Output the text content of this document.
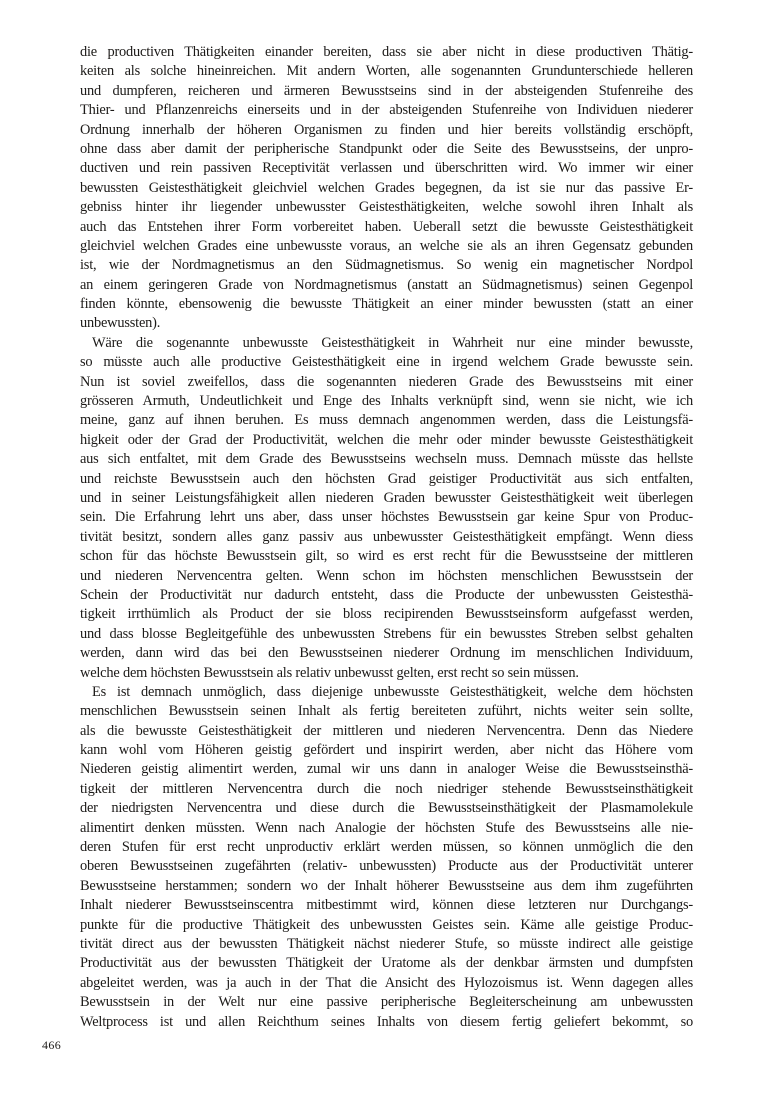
die productiven Thätigkeiten einander bereiten, dass sie aber nicht in diese productiven Thätig-
keiten als solche hineinreichen. Mit andern Worten, alle sogenannten Grundunterschiede helleren
und dumpferen, reicheren und ärmeren Bewusstseins sind in der absteigenden Stufenreihe des
Thier- und Pflanzenreichs einerseits und in der absteigenden Stufenreihe von Individuen niederer
Ordnung innerhalb der höheren Organismen zu finden und hier bereits vollständig erschöpft,
ohne dass aber damit der peripherische Standpunkt oder die Seite des Bewusstseins, der unpro-
ductiven und rein passiven Receptivität verlassen und überschritten wird. Wo immer wir einer
bewussten Geistesthätigkeit gleichviel welchen Grades begegnen, da ist sie nur das passive Er-
gebniss hinter ihr liegender unbewusster Geistesthätigkeiten, welche sowohl ihren Inhalt als
auch das Entstehen ihrer Form vorbereitet haben. Ueberall setzt die bewusste Geistesthätigkeit
gleichviel welchen Grades eine unbewusste voraus, an welche sie als an ihren Gegensatz gebunden
ist, wie der Nordmagnetismus an den Südmagnetismus. So wenig ein magnetischer Nordpol
an einem geringeren Grade von Nordmagnetismus (anstatt an Südmagnetismus) seinen Gegenpol
finden könnte, ebensowenig die bewusste Thätigkeit an einer minder bewussten (statt an einer
unbewussten).

Wäre die sogenannte unbewusste Geistesthätigkeit in Wahrheit nur eine minder bewusste,
so müsste auch alle productive Geistesthätigkeit eine in irgend welchem Grade bewusste sein.
Nun ist soviel zweifellos, dass die sogenannten niederen Grade des Bewusstseins mit einer
grösseren Armuth, Undeutlichkeit und Enge des Inhalts verknüpft sind, wenn sie nicht, wie ich
meine, ganz auf ihnen beruhen. Es muss demnach angenommen werden, dass die Leistungsfä-
higkeit oder der Grad der Productivität, welchen die mehr oder minder bewusste Geistesthätigkeit
aus sich entfaltet, mit dem Grade des Bewusstseins wechseln muss. Demnach müsste das hellste
und reichste Bewusstsein auch den höchsten Grad geistiger Productivität aus sich entfalten,
und in seiner Leistungsfähigkeit allen niederen Graden bewusster Geistesthätigkeit weit überlegen
sein. Die Erfahrung lehrt uns aber, dass unser höchstes Bewusstsein gar keine Spur von Produc-
tivität besitzt, sondern alles ganz passiv aus unbewusster Geistesthätigkeit empfängt. Wenn diess
schon für das höchste Bewusstsein gilt, so wird es erst recht für die Bewusstseine der mittleren
und niederen Nervencentra gelten. Wenn schon im höchsten menschlichen Bewusstsein der
Schein der Productivität nur dadurch entsteht, dass die Producte der unbewussten Geistesthä-
tigkeit irrthümlich als Product der sie bloss recipirenden Bewusstseinsform aufgefasst werden,
und dass blosse Begleitgefühle des unbewussten Strebens für ein bewusstes Streben selbst gehalten
werden, dann wird das bei den Bewusstseinen niederer Ordnung im menschlichen Individuum,
welche dem höchsten Bewusstsein als relativ unbewusst gelten, erst recht so sein müssen.

Es ist demnach unmöglich, dass diejenige unbewusste Geistesthätigkeit, welche dem höchsten
menschlichen Bewusstsein seinen Inhalt als fertig bereiteten zuführt, nichts weiter sein sollte,
als die bewusste Geistesthätigkeit der mittleren und niederen Nervencentra. Denn das Niedere
kann wohl vom Höheren geistig gefördert und inspirirt werden, aber nicht das Höhere vom
Niederen geistig alimentirt werden, zumal wir uns dann in analoger Weise die Bewusstseinsthä-
tigkeit der mittleren Nervencentra durch die noch niedriger stehende Bewusstseinsthätigkeit
der niedrigsten Nervencentra und diese durch die Bewusstseinsthätigkeit der Plasmamolekule
alimentirt denken müssten. Wenn nach Analogie der höchsten Stufe des Bewusstseins alle nie-
deren Stufen für erst recht unproductiv erklärt werden müssen, so können unmöglich die den
oberen Bewusstseinen zugefährten (relativ- unbewussten) Producte aus der Productivität unterer
Bewusstseine herstammen; sondern wo der Inhalt höherer Bewusstseine aus dem ihm zugeführten
Inhalt niederer Bewusstseinscentra mitbestimmt wird, können diese letzteren nur Durchgangs-
punkte für die productive Thätigkeit des unbewussten Geistes sein. Käme alle geistige Produc-
tivität direct aus der bewussten Thätigkeit nächst niederer Stufe, so müsste indirect alle geistige
Productivität aus der bewussten Thätigkeit der Uratome als der denkbar ärmsten und dumpfsten
abgeleitet werden, was ja auch in der That die Ansicht des Hylozoismus ist. Wenn dagegen alles
Bewusstsein in der Welt nur eine passive peripherische Begleiterscheinung am unbewussten
Weltprocess ist und allen Reichthum seines Inhalts von diesem fertig geliefert bekommt, so

466
